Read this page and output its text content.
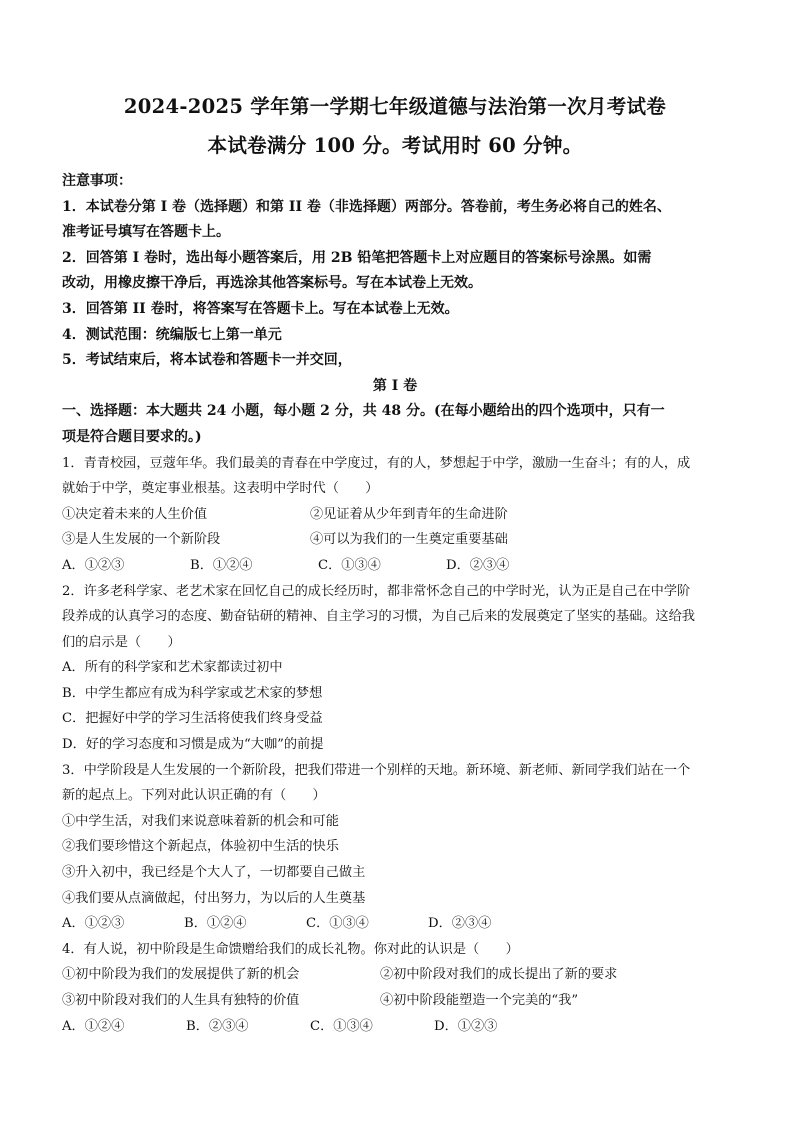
2024-2025 学年第一学期七年级道德与法治第一次月考试卷

本试卷满分 100 分。考试用时 60 分钟。

注意事项：

1．本试卷分第 I 卷（选择题）和第 II 卷（非选择题）两部分。答卷前，考生务必将自己的姓名、

准考证号填写在答题卡上。

2．回答第 I 卷时，选出每小题答案后，用 2B 铅笔把答题卡上对应题目的答案标号涂黑。如需

改动，用橡皮擦干净后，再选涂其他答案标号。写在本试卷上无效。

3．回答第 II 卷时，将答案写在答题卡上。写在本试卷上无效。

4．测试范围：统编版七上第一单元

5．考试结束后，将本试卷和答题卡一并交回，

第 I 卷

一、选择题：本大题共 24 小题，每小题 2 分，共 48 分。(在每小题给出的四个选项中，只有一

项是符合题目要求的。)

1．青青校园，豆蔻年华。我们最美的青春在中学度过，有的人，梦想起于中学，激励一生奋斗；有的人，成

就始于中学，奠定事业根基。这表明中学时代（　　）

①决定着未来的人生价值	②见证着从少年到青年的生命进阶
③是人生发展的一个新阶段	④可以为我们的一生奠定重要基础
A．①②③	B．①②④	C．①③④	D．②③④

2．许多老科学家、老艺术家在回忆自己的成长经历时，都非常怀念自己的中学时光，认为正是自己在中学阶

段养成的认真学习的态度、勤奋钻研的精神、自主学习的习惯，为自己后来的发展奠定了坚实的基础。这给我

们的启示是（　　）

A．所有的科学家和艺术家都读过初中

B．中学生都应有成为科学家或艺术家的梦想

C．把握好中学的学习生活将使我们终身受益

D．好的学习态度和习惯是成为“大咖”的前提

3．中学阶段是人生发展的一个新阶段，把我们带进一个别样的天地。新环境、新老师、新同学我们站在一个

新的起点上。下列对此认识正确的有（　　）

①中学生活，对我们来说意味着新的机会和可能

②我们要珍惜这个新起点，体验初中生活的快乐

③升入初中，我已经是个大人了，一切都要自己做主

④我们要从点滴做起，付出努力，为以后的人生奠基

A．①②③	B．①②④	C．①③④	D．②③④

4．有人说，初中阶段是生命馈赠给我们的成长礼物。你对此的认识是（　　）

①初中阶段为我们的发展提供了新的机会	②初中阶段对我们的成长提出了新的要求
③初中阶段对我们的人生具有独特的价值	④初中阶段能塑造一个完美的“我”
A．①②④	B．②③④	C．①③④	D．①②③
